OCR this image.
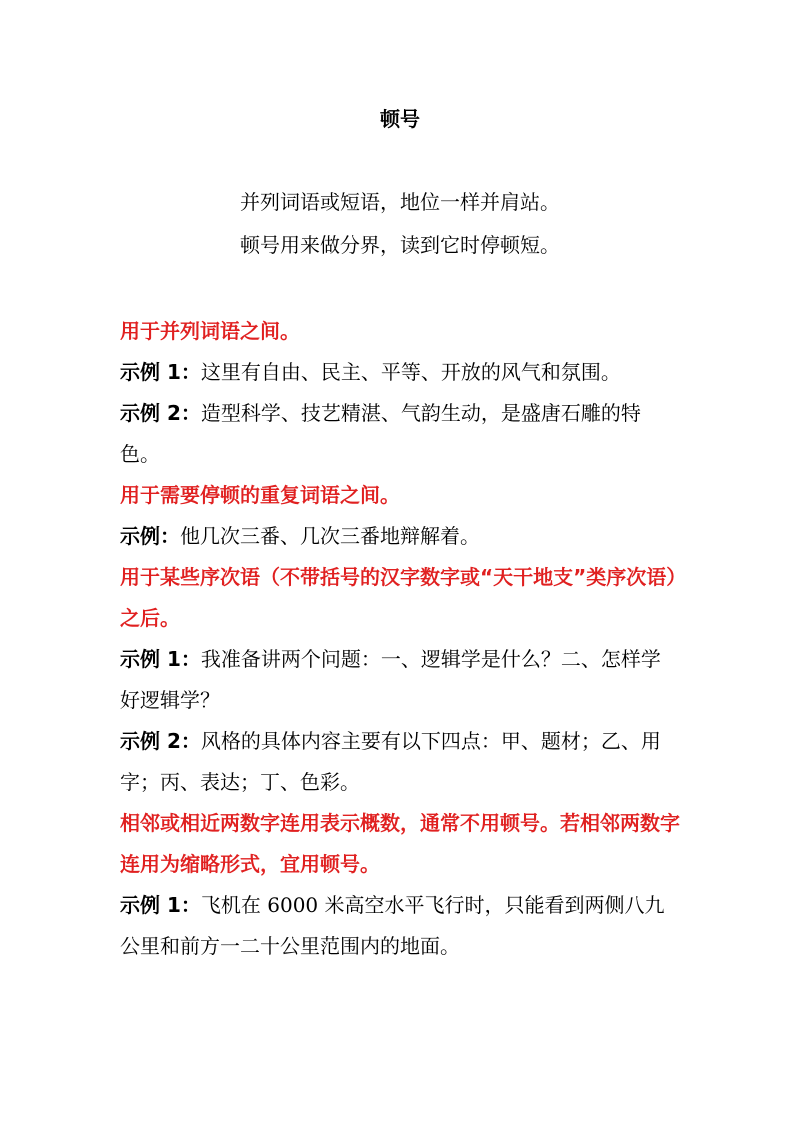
顿号
并列词语或短语，地位一样并肩站。
顿号用来做分界，读到它时停顿短。

用于并列词语之间。

示例 1：这里有自由、民主、平等、开放的风气和氛围。

示例 2：造型科学、技艺精湛、气韵生动，是盛唐石雕的特色。

用于需要停顿的重复词语之间。

示例：他几次三番、几次三番地辩解着。

用于某些序次语（不带括号的汉字数字或“天干地支”类序次语）之后。

示例 1：我准备讲两个问题：一、逻辑学是什么？二、怎样学好逻辑学？

示例 2：风格的具体内容主要有以下四点：甲、题材；乙、用字；丙、表达；丁、色彩。

相邻或相近两数字连用表示概数，通常不用顿号。若相邻两数字连用为缩略形式，宜用顿号。

示例 1：飞机在 6000 米高空水平飞行时，只能看到两侧八九公里和前方一二十公里范围内的地面。
